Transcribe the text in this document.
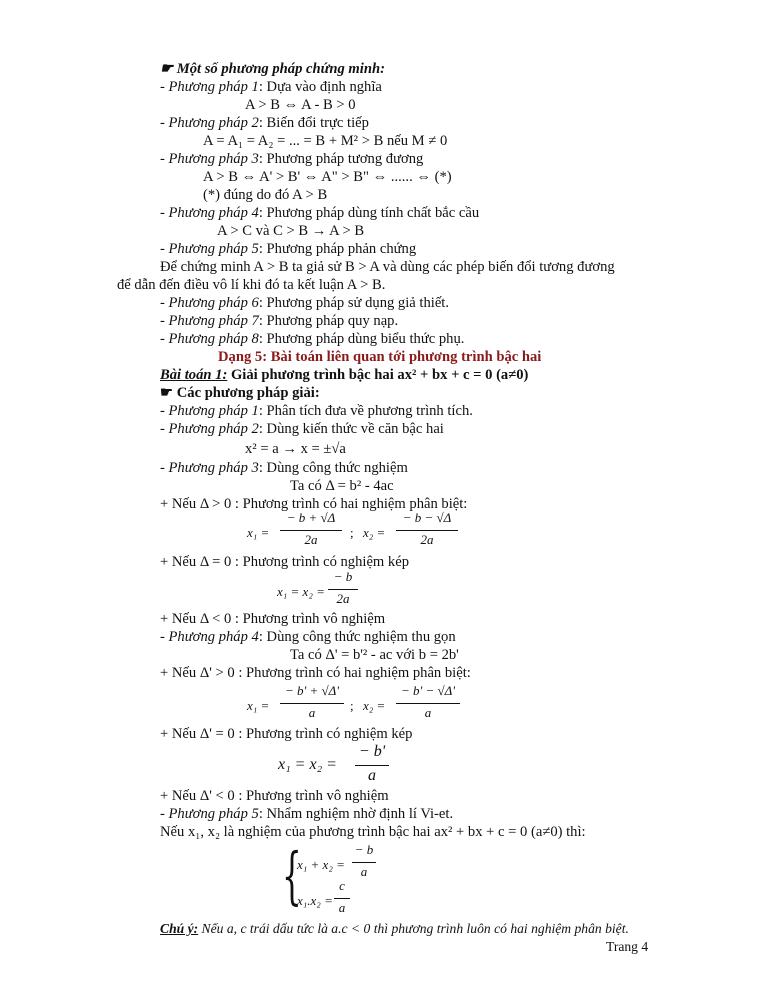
☛ Một số phương pháp chứng minh:
- Phương pháp 1: Dựa vào định nghĩa
A > B ⇔ A - B > 0
- Phương pháp 2: Biến đổi trực tiếp
A = A₁ = A₂ = ... = B + M² > B nếu M ≠ 0
- Phương pháp 3: Phương pháp tương đương
A > B ⇔ A' > B' ⇔ A" > B" ⇔ ...... ⇔ (*)
(*) đúng do đó A > B
- Phương pháp 4: Phương pháp dùng tính chất bắc cầu
A > C và C > B → A > B
- Phương pháp 5: Phương pháp phản chứng
Để chứng minh A > B ta giả sử B > A và dùng các phép biến đổi tương đương
để dẫn đến điều vô lí khi đó ta kết luận A > B.
- Phương pháp 6: Phương pháp sử dụng giả thiết.
- Phương pháp 7: Phương pháp quy nạp.
- Phương pháp 8: Phương pháp dùng biểu thức phụ.
Dạng 5: Bài toán liên quan tới phương trình bậc hai
Bài toán 1: Giải phương trình bậc hai ax² + bx + c = 0 (a≠0)
☛ Các phương pháp giải:
- Phương pháp 1: Phân tích đưa về phương trình tích.
- Phương pháp 2: Dùng kiến thức về căn bậc hai
x² = a → x = ±√a
- Phương pháp 3: Dùng công thức nghiệm
Ta có Δ = b² - 4ac
+ Nếu Δ > 0 : Phương trình có hai nghiệm phân biệt:
x₁ =
− b + √Δ
2a	; x₂ =
− b − √Δ
2a
+ Nếu Δ = 0 : Phương trình có nghiệm kép
x₁ = x₂ =
− b
2a
+ Nếu Δ < 0 : Phương trình vô nghiệm
- Phương pháp 4: Dùng công thức nghiệm thu gọn
Ta có Δ' = b'² - ac với b = 2b'
+ Nếu Δ' > 0 : Phương trình có hai nghiệm phân biệt:
x₁ =
− b' + √Δ'
a	; x₂ =
− b' − √Δ'
a
+ Nếu Δ' = 0 : Phương trình có nghiệm kép
x₁ = x₂ =
− b'
a
+ Nếu Δ' < 0 : Phương trình vô nghiệm
- Phương pháp 5: Nhẩm nghiệm nhờ định lí Vi-et.
Nếu x₁, x₂ là nghiệm của phương trình bậc hai ax² + bx + c = 0 (a≠0) thì:
{
x₁ + x₂ =
− b
a
x₁.x₂ =
c
a
Chú ý: Nếu a, c trái dấu tức là a.c < 0 thì phương trình luôn có hai nghiệm phân biệt.
Trang 4
